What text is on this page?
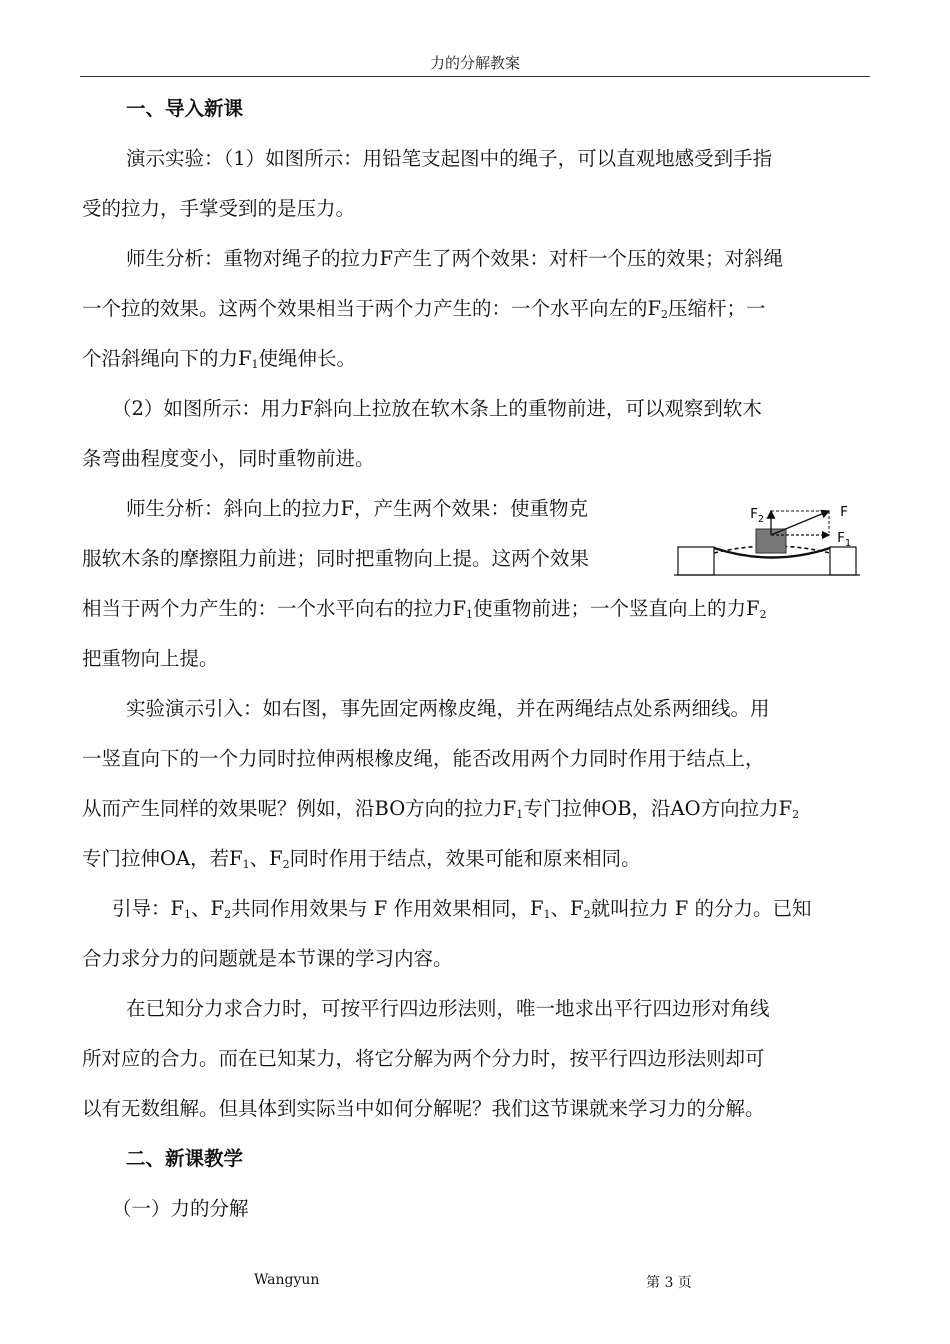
力的分解教案
一、导入新课
演示实验：（1）如图所示：用铅笔支起图中的绳子，可以直观地感受到手指
受的拉力，手掌受到的是压力。
师生分析：重物对绳子的拉力F产生了两个效果：对杆一个压的效果；对斜绳
一个拉的效果。这两个效果相当于两个力产生的：一个水平向左的$F_2$压缩杆；一
个沿斜绳向下的力$F_1$使绳伸长。
（2）如图所示：用力F斜向上拉放在软木条上的重物前进，可以观察到软木
条弯曲程度变小，同时重物前进。
师生分析：斜向上的拉力F，产生两个效果：使重物克
服软木条的摩擦阻力前进；同时把重物向上提。这两个效果
相当于两个力产生的：一个水平向右的拉力$F_1$使重物前进；一个竖直向上的力$F_2$
把重物向上提。
实验演示引入：如右图，事先固定两橡皮绳，并在两绳结点处系两细线。用
一竖直向下的一个力同时拉伸两根橡皮绳，能否改用两个力同时作用于结点上，
从而产生同样的效果呢？例如，沿BO方向的拉力$F_1$专门拉伸OB，沿AO方向拉力$F_2$
专门拉伸OA，若$F_1$、$F_2$同时作用于结点，效果可能和原来相同。
引导：$F_1$、$F_2$共同作用效果与 F 作用效果相同，$F_1$、$F_2$就叫拉力 F 的分力。已知
合力求分力的问题就是本节课的学习内容。
在已知分力求合力时，可按平行四边形法则，唯一地求出平行四边形对角线
所对应的合力。而在已知某力，将它分解为两个分力时，按平行四边形法则却可
以有无数组解。但具体到实际当中如何分解呢？我们这节课就来学习力的分解。
二、新课教学
（一）力的分解
$F_2$	F
$F_1$
Wangyun	第 3 页
